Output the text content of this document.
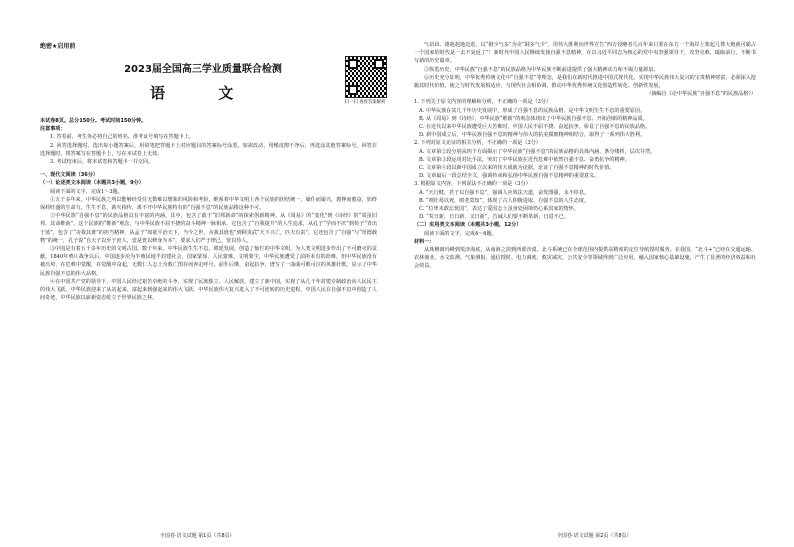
绝密★启用前
2023届全国高三学业质量联合检测
语 文
扫一扫 查看答案解析

本试卷8页。总分150分。考试时间150分钟。

注意事项：

1. 答卷前，考生务必将自己的姓名、准考证号填写在答题卡上。

2. 回答选择题时，选出每小题答案后，用铅笔把答题卡上对应题目的答案标号涂黑。如需改动，用橡皮擦干净后，再选涂其他答案标号。回答非选择题时，将答案写在答题卡上，写在本试卷上无效。

3. 考试结束后，将本试卷和答题卡一并交回。

一、现代文阅读（36分）

（一）论述类文本阅读（本题共3小题，9分）

阅读下面的文字，完成1～3题。

①五千多年来，中华民族之所以能够经受住无数难以想象的风险和考验，维系着中华文明上各个民族的团结统一，屡仆而屡兴，愈挫而愈奋，始终保持旺盛的生命力，生生不息，薪火相传，离不开中华民族特有的“自强不息”的民族品格这种不可。

②中华民族“自强不息”的民族品格具有丰富的内涵。其中，包含了敢于“旧邦新命”的探索创新精神。从《周易》的“变化”到《诗经》的“周虽旧邦，其命维新”，这个民族的“维新”观念，与中华民族不屈不挠的奋斗精神一脉相承。它包含了“自我提升”的人生追求，从孔子“学而不厌”到荀子“青出于蓝”，包含了“舍我其谁”的担当精神，从孟子“如欲平治天下，当今之世，舍我其谁也”到顾炎武“天下兴亡，匹夫有责”。它还包含了“自强”与“厚德载物”的统一，孔子说“自天子以至于庶人，壹是皆以修身为本”，要求人们严于律己，宽以待人。

③中国是有着五千多年历史的文明古国。数千年来，中华民族生生不息，绵延发展，创造了灿烂的中华文明，为人类文明进步作出了不可磨灭的贡献。1840年鸦片战争以后，中国逐步沦为半殖民地半封建社会，国家蒙辱、人民蒙难、文明蒙尘，中华民族遭受了前所未有的劫难。但中华民族没有被压垮，在危难中觉醒，在觉醒中奋起，无数仁人志士为救亡图存而奔走呼号，前仆后继，奋起抗争，谱写了一曲曲可歌可泣的英雄壮歌，显示了中华民族自强不息的伟大品格。

④在中国共产党的领导下，中国人民经过艰苦卓绝的斗争，实现了民族独立、人民解放，建立了新中国，实现了从几千年封建专制政治向人民民主的伟大飞跃。中华民族迎来了从站起来、富起来到强起来的伟大飞跃，中华民族伟大复兴进入了不可逆转的历史进程。中国人民在自强不息中创造了人间奇迹，中华民族以崭新姿态屹立于世界民族之林。

全国卷·语文试题 第1页（共8页）

气昂昂、雄赳赳地迈进，以“钢少气多”为克“钢多气少”，用伟大胜利向世界宣告“西方侵略者几百年来只要在东方一个海岸上架起几尊大炮就可霸占一个国家的时代是一去不复返了”！新时代中国人民继续发扬自强不息精神，在以习近平同志为核心的党中央坚强领导下，攻坚克难，砥砺前行，不断书写新的历史篇章。

⑤纵览历史，中华民族“自强不息”的民族品格为中华民族不断前进提供了强大精神动力和不竭力量源泉。

⑥历史充分证明，中华优秀传统文化中“自强不息”等理念，是我们在新时代推进中国式现代化、实现中华民族伟大复兴的宝贵精神财富，必须深入挖掘其时代价值，使之与时代发展相适应，与现代社会相协调，推动中华优秀传统文化创造性转化、创新性发展。

（摘编自《论中华民族“自强不息”的民族品格》）

1. 下列关于原文内容的理解和分析，不正确的一项是（3分）

A. 中华民族在其几千年历史发展中，形成了自强不息的民族品格，是中华文明生生不息的重要原因。

B. 从《周易》到《诗经》，中华民族“维新”的观念体现出了中华民族自强不息、开拓创新的精神品质。

C. 在近代以来中华民族遭受巨大苦难时，中国人民不屈不挠、奋起抗争，彰显了自强不息的民族品格。

D. 新中国成立后，中华民族自强不息的精神与伟大的抗美援朝精神相结合，取得了一系列伟大胜利。

2. 下列对原文论证的相关分析，不正确的一项是（3分）

A. 文章第②段分别从四个方面揭示了中华民族“自强不息”的民族品格的具体内涵，条分缕析，层次井然。

B. 文章第③段运用对比手法，突出了中华民族在近代危难中依然自强不息、奋勇抗争的精神。

C. 文章第④段以新中国成立以来的伟大成就为论据，论证了自强不息精神的时代价值。

D. 文章最后一段总结全文，强调传承和弘扬中华民族自强不息精神的重要意义。

3. 根据原文内容，下列说法不正确的一项是（3分）

A. “天行健，君子以自强不息”，强调人应效法天道，奋发图强，永不停息。

B. “则壮曷以死，则老莫知”，体现了古人积极进取、自强不息的人生态度。

C. “位卑未敢忘忧国”，表达了爱国志士虽身处困境仍心系国家的情怀。

D. “苟日新，日日新，又日新”，告诫人们要不断革新，日进不已。

（二）实用类文本阅读（本题共3小题，12分）

阅读下面的文字，完成4～6题。

材料一：

从珠穆朗玛峰到斐济海底，从南海之滨到西部沙漠，北斗系统已在全球范围内提供高精度的定位导航授时服务。在我国，“北斗+”已经在交通运输、农林渔业、水文监测、气象测报、通信授时、电力调度、救灾减灾、公共安全等领域得到广泛应用，融入国家核心基础设施，产生了显著的经济效益和社会效益。

全国卷·语文试题 第2页（共8页）
